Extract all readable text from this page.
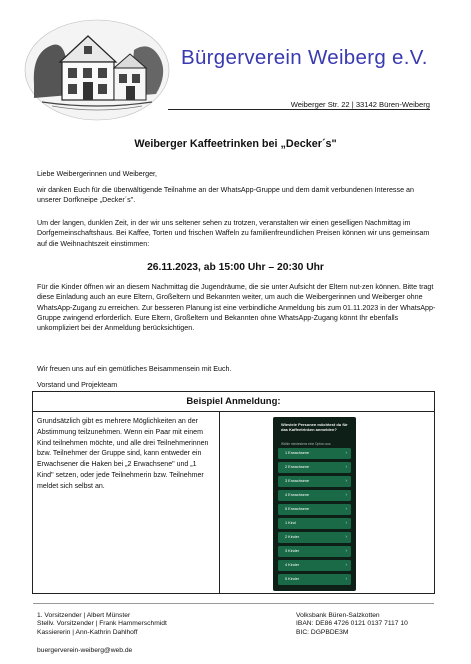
Bürgerverein Weiberg e.V.
Weiberger Str. 22 | 33142 Büren-Weiberg
Weiberger Kaffeetrinken bei „Decker´s"

Liebe Weibergerinnen und Weiberger,

wir danken Euch für die überwältigende Teilnahme an der WhatsApp-Gruppe und dem damit verbundenen Interesse an unserer Dorfkneipe „Decker´s".

Um der langen, dunklen Zeit, in der wir uns seltener sehen zu trotzen, veranstalten wir einen geselligen Nachmittag im Dorfgemeinschaftshaus. Bei Kaffee, Torten und frischen Waffeln zu familienfreundlichen Preisen können wir uns gemeinsam auf die Weihnachtszeit einstimmen:

26.11.2023, ab 15:00 Uhr – 20:30 Uhr

Für die Kinder öffnen wir an diesem Nachmittag die Jugendräume, die sie unter Aufsicht der Eltern nut-zen können. Bitte tragt diese Einladung auch an eure Eltern, Großeltern und Bekannten weiter, um auch die Weibergerinnen und Weiberger ohne WhatsApp-Zugang zu erreichen. Zur besseren Planung ist eine verbindliche Anmeldung bis zum 01.11.2023 in der WhatsApp-Gruppe zwingend erforderlich. Eure Eltern, Großeltern und Bekannten ohne WhatsApp-Zugang könnt Ihr ebenfalls unkompliziert bei der Anmeldung berücksichtigen.

Wir freuen uns auf ein gemütliches Beisammensein mit Euch.

Vorstand und Projekteam

Beispiel Anmeldung:
Grundsätzlich gibt es mehrere Möglichkeiten an der Abstimmung teilzunehmen. Wenn ein Paar mit einem Kind teilnehmen möchte, und alle drei Teilnehmerinnen bzw. Teilnehmer der Gruppe sind, kann entweder ein Erwachsener die Haken bei „2 Erwachsene" und „1 Kind" setzen, oder jede Teilnehmerin bzw. Teilnehmer meldet sich selbst an.
Wieviele Personen möchtest du für das Kaffeetrinken anmelden?
Wähle mindestens eine Option aus.
1 Erwachsene	›
2 Erwachsene	›
3 Erwachsene	›
4 Erwachsene	›
5 Erwachsene	›
1 Kind	›
2 Kinder	›
3 Kinder	›
4 Kinder	›
5 Kinder	›
1. Vorsitzender | Albert Münster
Stellv. Vorsitzender | Frank Hammerschmidt
Kassiererin | Ann-Kathrin Dahlhoff
Volksbank Büren-Salzkotten
IBAN: DE86 4726 0121 0137 7117 10
BIC: DGPBDE3M
buergerverein-weiberg@web.de
